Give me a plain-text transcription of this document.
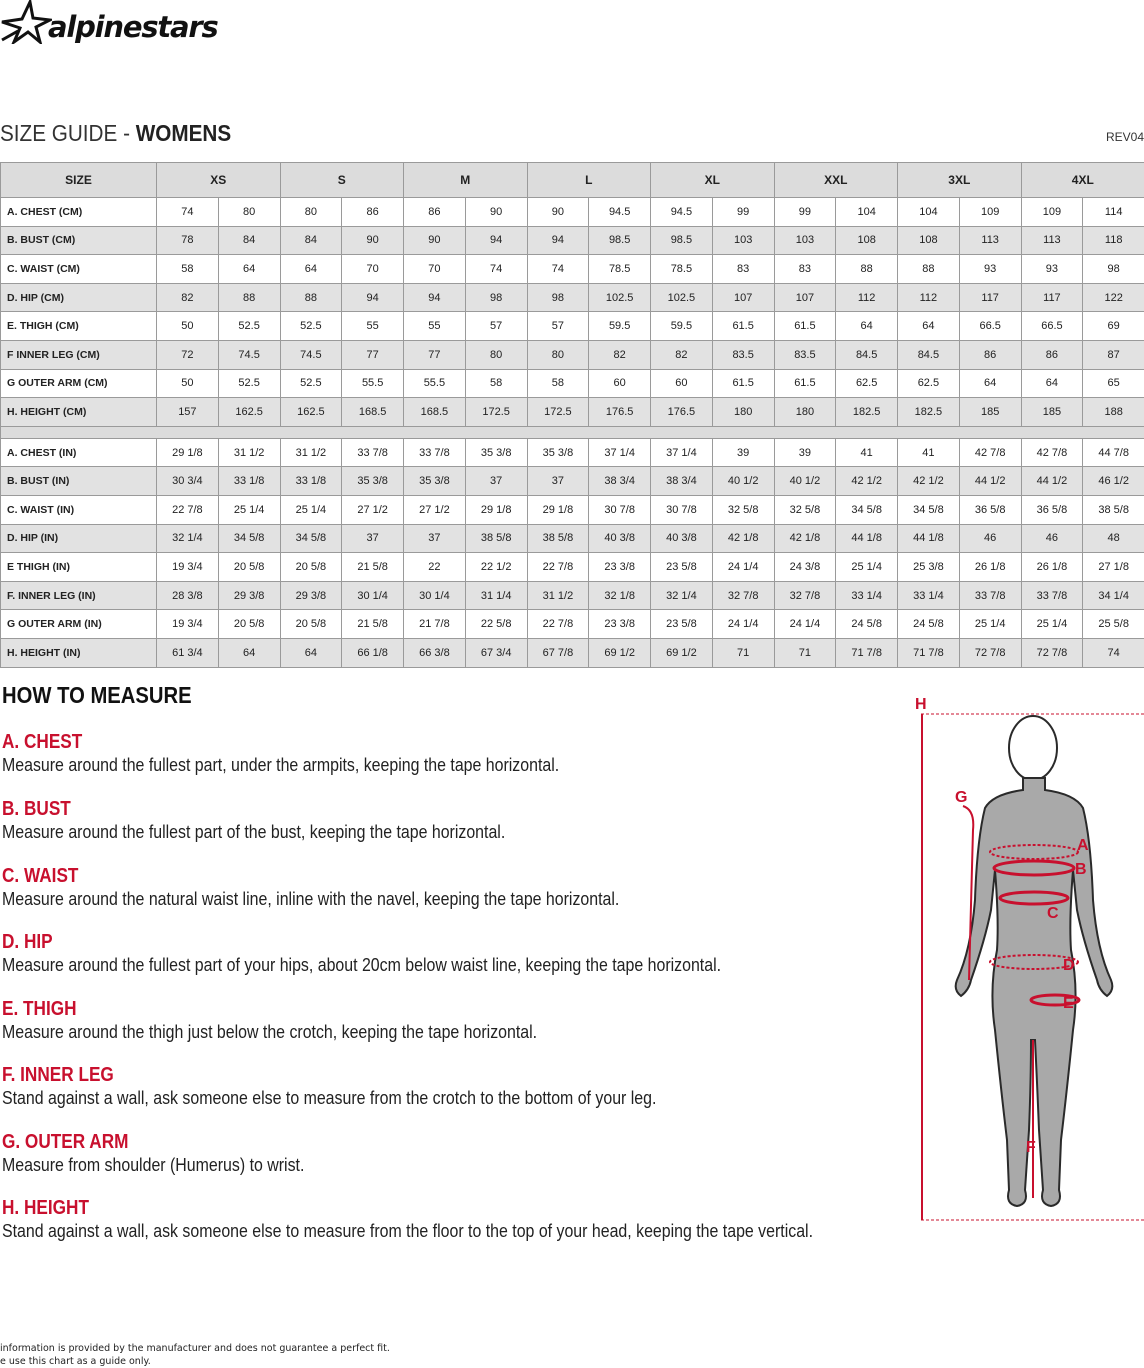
alpinestars
SIZE GUIDE - WOMENS	REV04
SIZE	XS		S		M		L		XL		XXL		3XL		4XL	
A. CHEST (CM)	74	80	80	86	86	90	90	94.5	94.5	99	99	104	104	109	109	114
B. BUST (CM)	78	84	84	90	90	94	94	98.5	98.5	103	103	108	108	113	113	118
C. WAIST (CM)	58	64	64	70	70	74	74	78.5	78.5	83	83	88	88	93	93	98
D. HIP (CM)	82	88	88	94	94	98	98	102.5	102.5	107	107	112	112	117	117	122
E. THIGH (CM)	50	52.5	52.5	55	55	57	57	59.5	59.5	61.5	61.5	64	64	66.5	66.5	69
F INNER LEG (CM)	72	74.5	74.5	77	77	80	80	82	82	83.5	83.5	84.5	84.5	86	86	87
G OUTER ARM (CM)	50	52.5	52.5	55.5	55.5	58	58	60	60	61.5	61.5	62.5	62.5	64	64	65
H. HEIGHT (CM)	157	162.5	162.5	168.5	168.5	172.5	172.5	176.5	176.5	180	180	182.5	182.5	185	185	188

A. CHEST (IN)	29 1/8	31 1/2	31 1/2	33 7/8	33 7/8	35 3/8	35 3/8	37 1/4	37 1/4	39	39	41	41	42 7/8	42 7/8	44 7/8
B. BUST (IN)	30 3/4	33 1/8	33 1/8	35 3/8	35 3/8	37	37	38 3/4	38 3/4	40 1/2	40 1/2	42 1/2	42 1/2	44 1/2	44 1/2	46 1/2
C. WAIST (IN)	22 7/8	25 1/4	25 1/4	27 1/2	27 1/2	29 1/8	29 1/8	30 7/8	30 7/8	32 5/8	32 5/8	34 5/8	34 5/8	36 5/8	36 5/8	38 5/8
D. HIP (IN)	32 1/4	34 5/8	34 5/8	37	37	38 5/8	38 5/8	40 3/8	40 3/8	42 1/8	42 1/8	44 1/8	44 1/8	46	46	48
E THIGH (IN)	19 3/4	20 5/8	20 5/8	21 5/8	22	22 1/2	22 7/8	23 3/8	23 5/8	24 1/4	24 3/8	25 1/4	25 3/8	26 1/8	26 1/8	27 1/8
F. INNER LEG (IN)	28 3/8	29 3/8	29 3/8	30 1/4	30 1/4	31 1/4	31 1/2	32 1/8	32 1/4	32 7/8	32 7/8	33 1/4	33 1/4	33 7/8	33 7/8	34 1/4
G OUTER ARM (IN)	19 3/4	20 5/8	20 5/8	21 5/8	21 7/8	22 5/8	22 7/8	23 3/8	23 5/8	24 1/4	24 1/4	24 5/8	24 5/8	25 1/4	25 1/4	25 5/8
H. HEIGHT (IN)	61 3/4	64	64	66 1/8	66 3/8	67 3/4	67 7/8	69 1/2	69 1/2	71	71	71 7/8	71 7/8	72 7/8	72 7/8	74
HOW TO MEASURE
A. CHEST
Measure around the fullest part, under the armpits, keeping the tape horizontal.
B. BUST
Measure around the fullest part of the bust, keeping the tape horizontal.
C. WAIST
Measure around the natural waist line, inline with the navel, keeping the tape horizontal.
D. HIP
Measure around the fullest part of your hips, about 20cm below waist line, keeping the tape horizontal.
E. THIGH
Measure around the thigh just below the crotch, keeping the tape horizontal.
F. INNER LEG
Stand against a wall, ask someone else to measure from the crotch to the bottom of your leg.
G. OUTER ARM
Measure from shoulder (Humerus) to wrist.
H. HEIGHT
Stand against a wall, ask someone else to measure from the floor to the top of your head, keeping the tape vertical.
H
G
A
B
C
D
E
F
information is provided by the manufacturer and does not guarantee a perfect fit.
e use this chart as a guide only.
